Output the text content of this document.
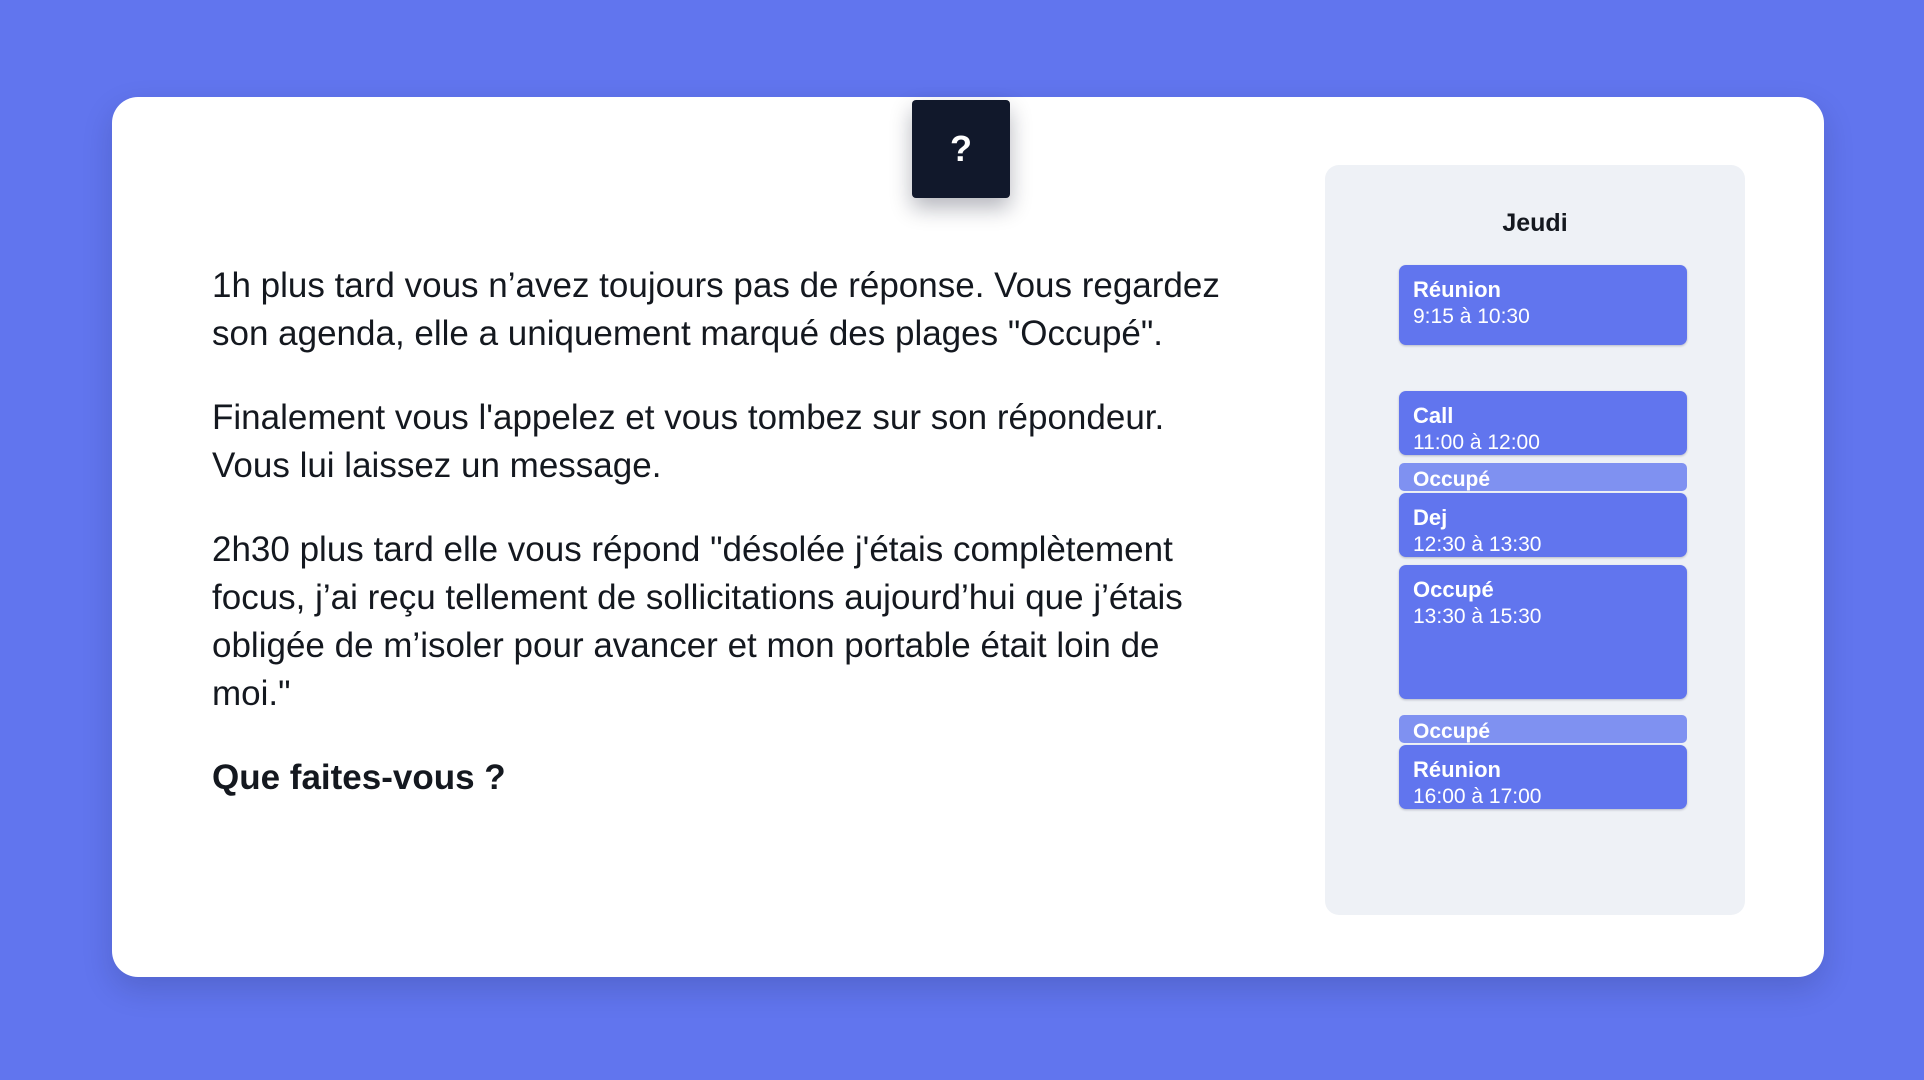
?

1h plus tard vous n’avez toujours pas de réponse. Vous regardez son agenda, elle a uniquement marqué des plages "Occupé".

Finalement vous l'appelez et vous tombez sur son répondeur. Vous lui laissez un message.

2h30 plus tard elle vous répond "désolée j'étais complètement focus, j’ai reçu tellement de sollicitations aujourd’hui que j’étais obligée de m’isoler pour avancer et mon portable était loin de moi."

Que faites-vous ?

Jeudi
Réunion
9:15 à 10:30
Call
11:00 à 12:00
Occupé
Dej
12:30 à 13:30
Occupé
13:30 à 15:30
Occupé
Réunion
16:00 à 17:00
